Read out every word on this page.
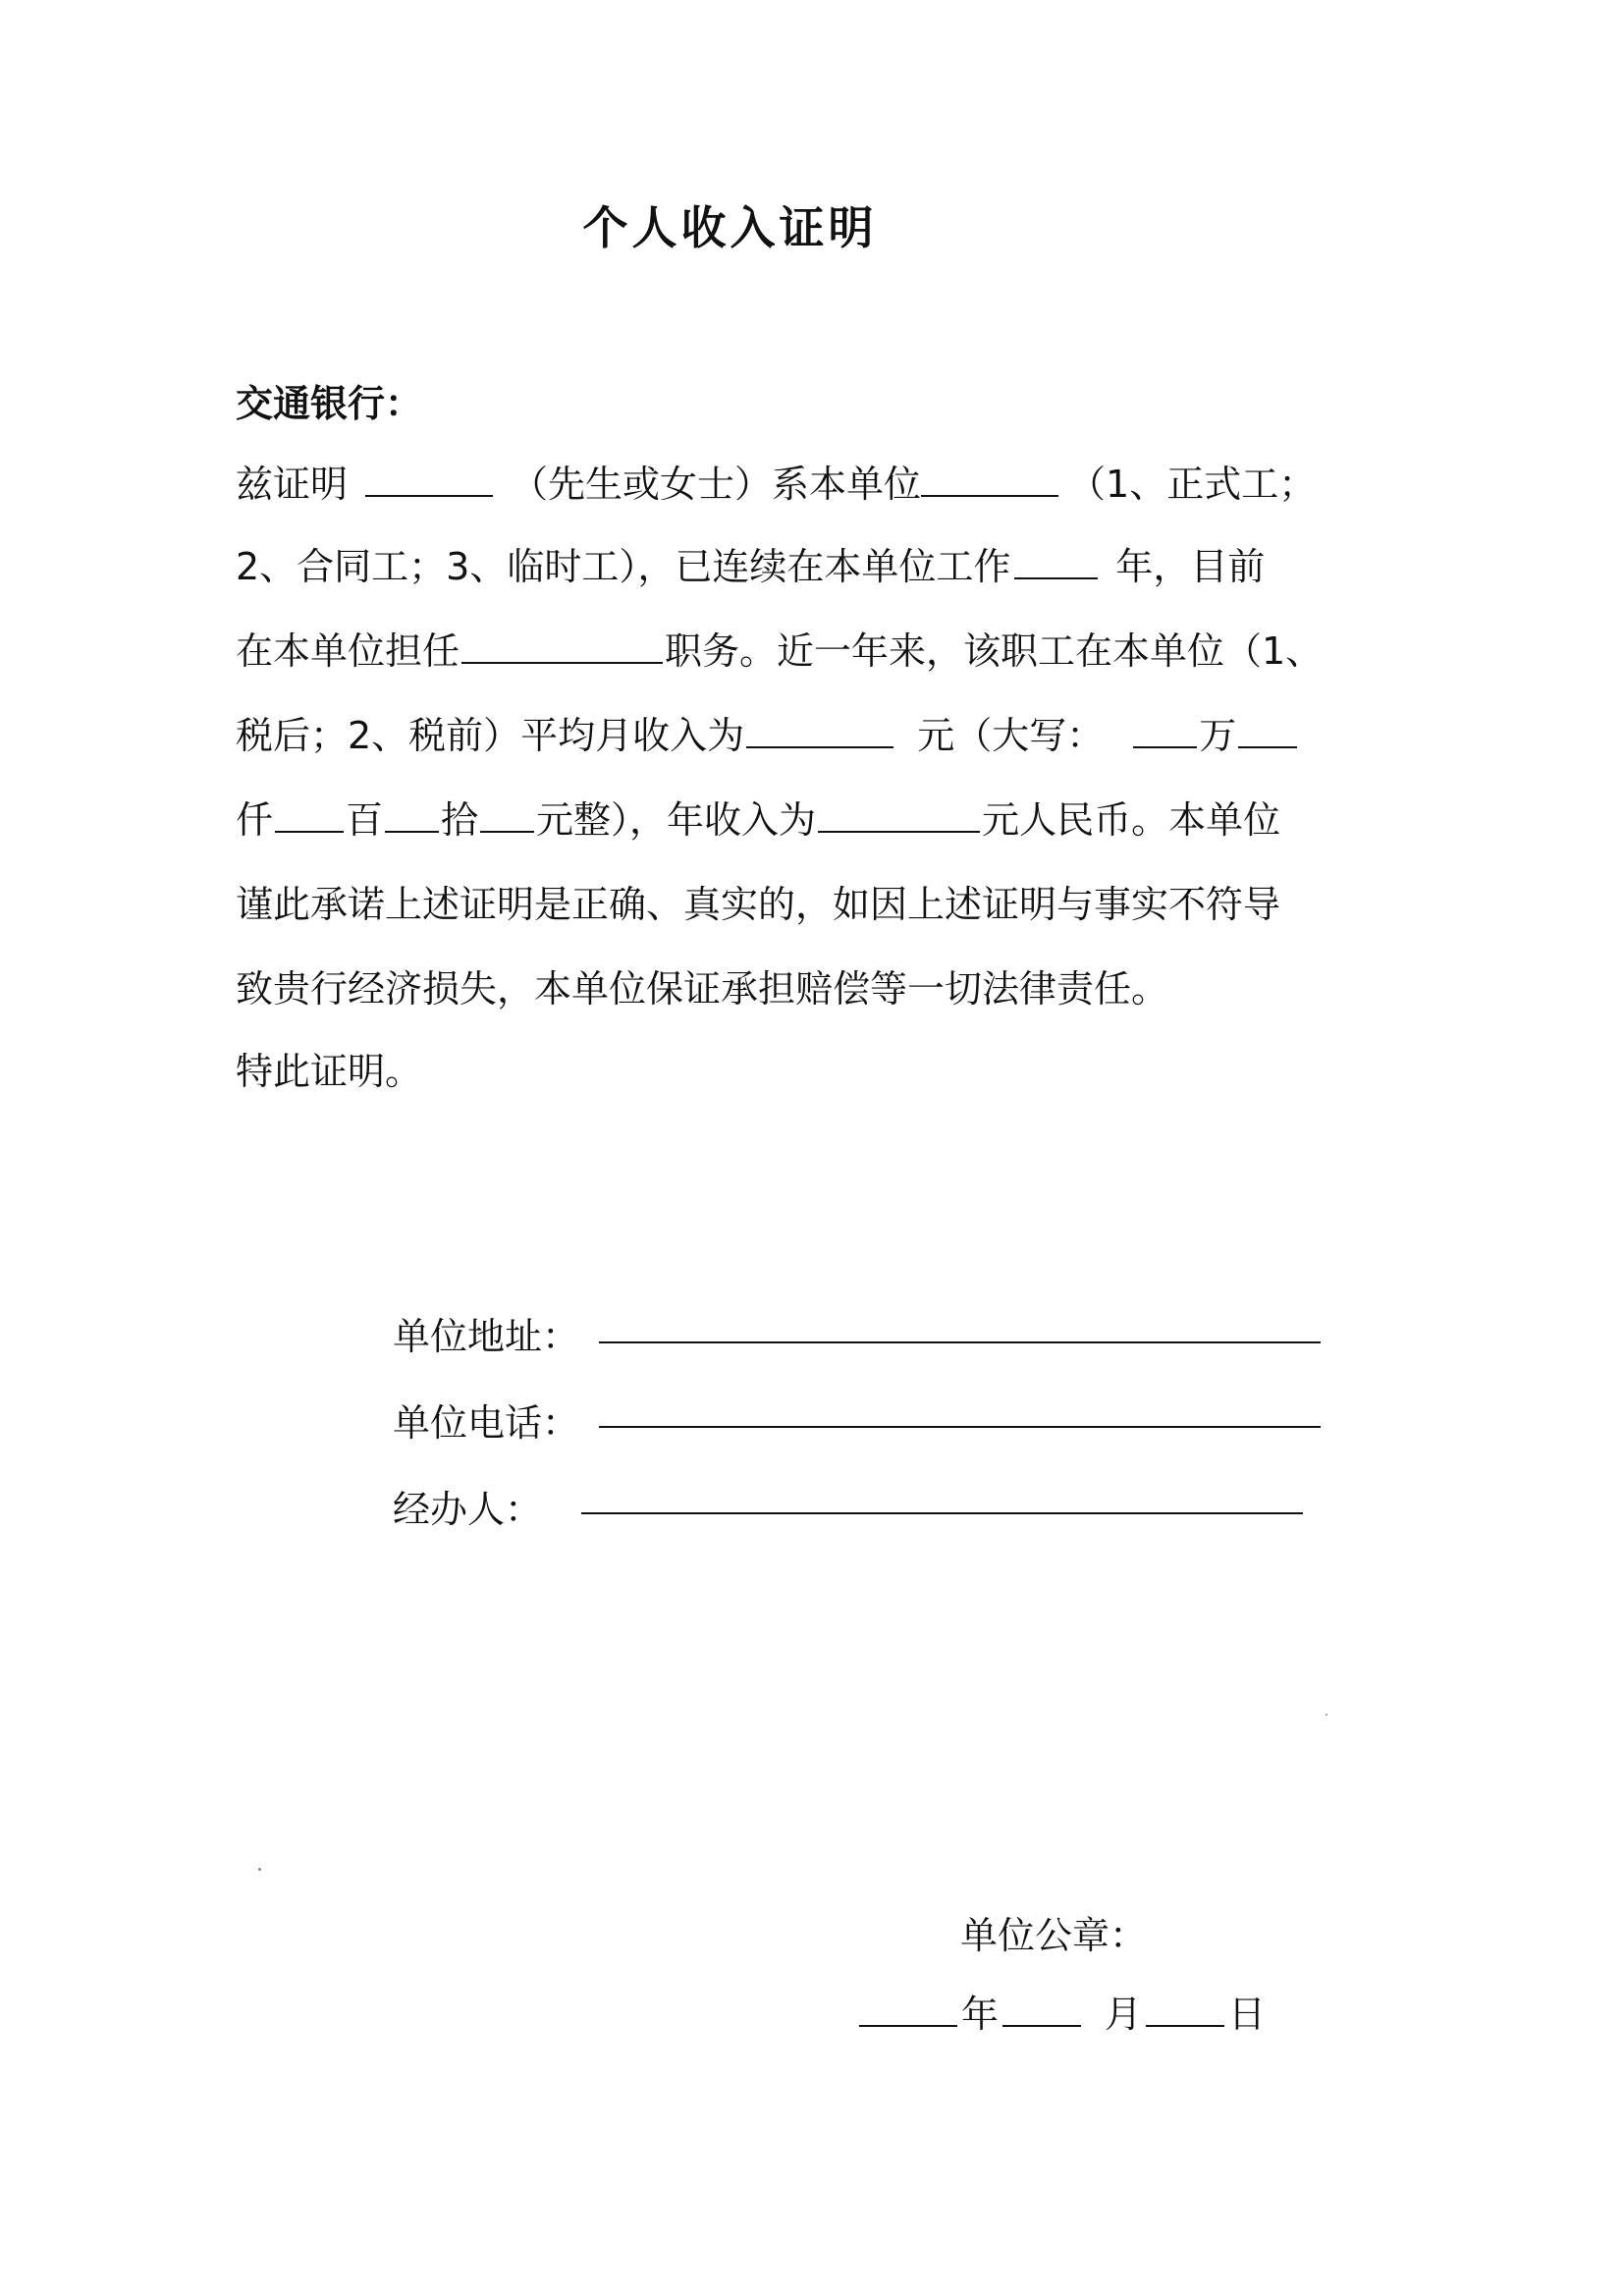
个人收入证明
交通银行：
兹证明	（先生或女士）系本单位	（1、正式工；
2、合同工；3、临时工），已连续在本单位工作	年，目前
在本单位担任	职务。近一年来，该职工在本单位（1、
税后；2、税前）平均月收入为	元（大写：	万
仟 百 拾 元整），年收入为	元人民币。本单位
谨此承诺上述证明是正确、真实的，如因上述证明与事实不符导
致贵行经济损失，本单位保证承担赔偿等一切法律责任。
特此证明。
单位地址：
单位电话：
经办人：
单位公章：
年	月 日
